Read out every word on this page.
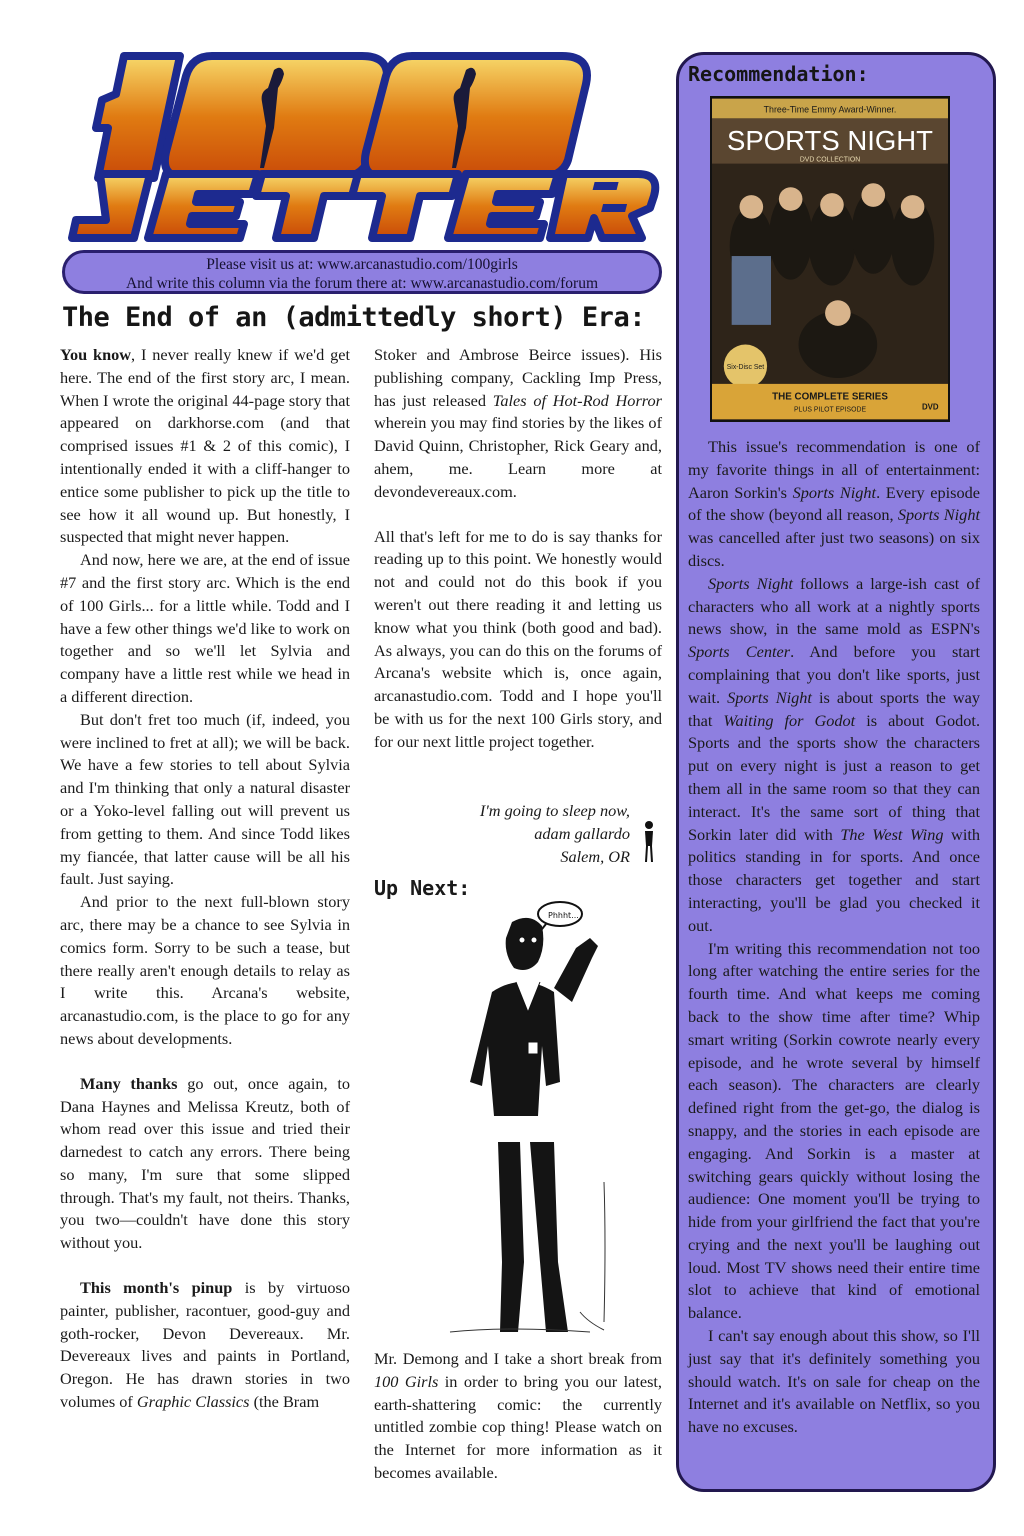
Please visit us at: www.arcanastudio.com/100girls
And write this column via the forum there at: www.arcanastudio.com/forum
The End of an (admittedly short) Era:

You know, I never really knew if we'd get here. The end of the first story arc, I mean. When I wrote the original 44-page story that appeared on darkhorse.com (and that comprised issues #1 & 2 of this comic), I intentionally ended it with a cliff-hanger to entice some publisher to pick up the title to see how it all wound up. But honestly, I suspected that might never happen.

And now, here we are, at the end of issue #7 and the first story arc. Which is the end of 100 Girls... for a little while. Todd and I have a few other things we'd like to work on together and so we'll let Sylvia and company have a little rest while we head in a different direction.

But don't fret too much (if, indeed, you were inclined to fret at all); we will be back. We have a few stories to tell about Sylvia and I'm thinking that only a natural disaster or a Yoko-level falling out will prevent us from getting to them. And since Todd likes my fiancée, that latter cause will be all his fault. Just saying.

And prior to the next full-blown story arc, there may be a chance to see Sylvia in comics form. Sorry to be such a tease, but there really aren't enough details to relay as I write this. Arcana's website, arcanastudio.com, is the place to go for any news about developments.

Many thanks go out, once again, to Dana Haynes and Melissa Kreutz, both of whom read over this issue and tried their darnedest to catch any errors. There being so many, I'm sure that some slipped through. That's my fault, not theirs. Thanks, you two—couldn't have done this story without you.

This month's pinup is by virtuoso painter, publisher, racontuer, good-guy and goth-rocker, Devon Devereaux. Mr. Devereaux lives and paints in Portland, Oregon. He has drawn stories in two volumes of Graphic Classics (the Bram

Stoker and Ambrose Beirce issues). His publishing company, Cackling Imp Press, has just released Tales of Hot-Rod Horror wherein you may find stories by the likes of David Quinn, Christopher, Rick Geary and, ahem, me. Learn more at devondevereaux.com.

All that's left for me to do is say thanks for reading up to this point. We honestly would not and could not do this book if you weren't out there reading it and letting us know what you think (both good and bad). As always, you can do this on the forums of Arcana's website which is, once again, arcanastudio.com. Todd and I hope you'll be with us for the next 100 Girls story, and for our next little project together.

I'm going to sleep now,
adam gallardo
Salem, OR
Up Next:
Phhht...

Mr. Demong and I take a short break from 100 Girls in order to bring you our latest, earth-shattering comic: the currently untitled zombie cop thing! Please watch on the Internet for more information as it becomes available.

Recommendation:
Three-Time Emmy Award-Winner.
SPORTS NIGHT
DVD COLLECTION
Six-Disc Set
THE COMPLETE SERIES
PLUS PILOT EPISODE	DVD

This issue's recommendation is one of my favorite things in all of entertainment: Aaron Sorkin's Sports Night. Every episode of the show (beyond all reason, Sports Night was cancelled after just two seasons) on six discs.

Sports Night follows a large-ish cast of characters who all work at a nightly sports news show, in the same mold as ESPN's Sports Center. And before you start complaining that you don't like sports, just wait. Sports Night is about sports the way that Waiting for Godot is about Godot. Sports and the sports show the characters put on every night is just a reason to get them all in the same room so that they can interact. It's the same sort of thing that Sorkin later did with The West Wing with politics standing in for sports. And once those characters get together and start interacting, you'll be glad you checked it out.

I'm writing this recommendation not too long after watching the entire series for the fourth time. And what keeps me coming back to the show time after time? Whip smart writing (Sorkin cowrote nearly every episode, and he wrote several by himself each season). The characters are clearly defined right from the get-go, the dialog is snappy, and the stories in each episode are engaging. And Sorkin is a master at switching gears quickly without losing the audience: One moment you'll be trying to hide from your girlfriend the fact that you're crying and the next you'll be laughing out loud. Most TV shows need their entire time slot to achieve that kind of emotional balance.

I can't say enough about this show, so I'll just say that it's definitely something you should watch. It's on sale for cheap on the Internet and it's available on Netflix, so you have no excuses.
